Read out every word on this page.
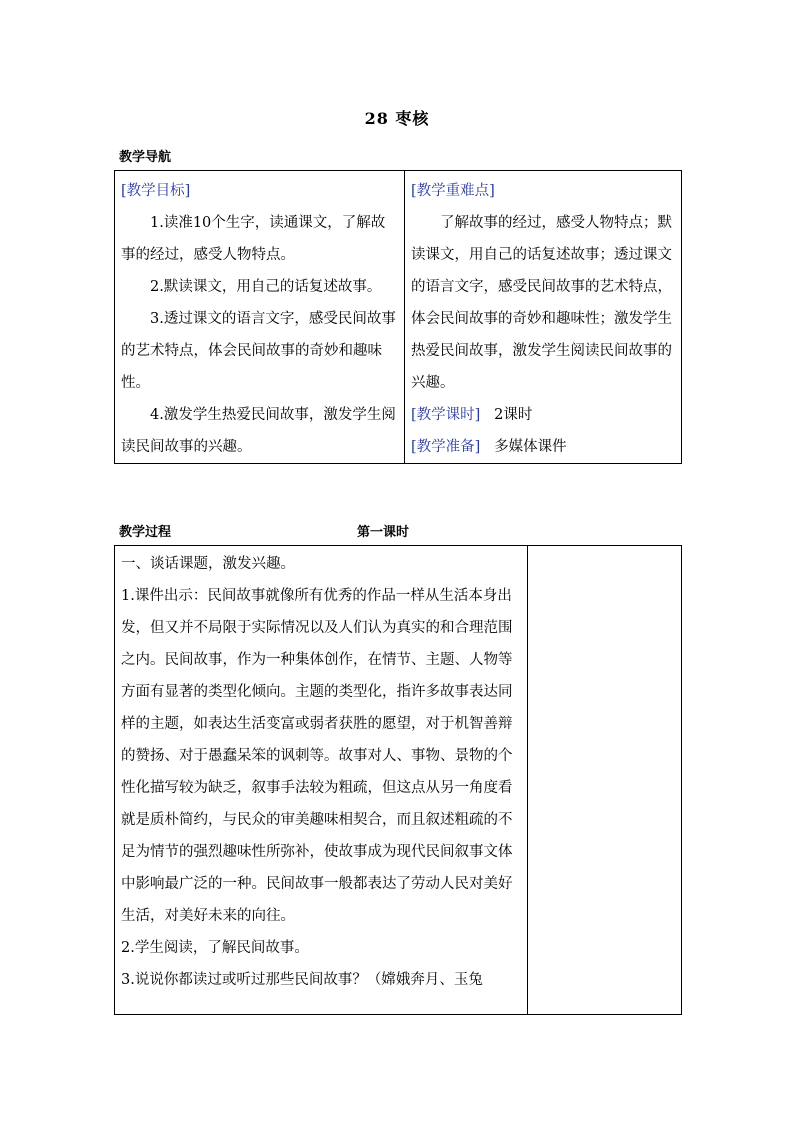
28 枣核
教学导航

[教学目标]

1.读准10个生字，读通课文，了解故事的经过，感受人物特点。

2.默读课文，用自己的话复述故事。

3.透过课文的语言文字，感受民间故事的艺术特点，体会民间故事的奇妙和趣味性。

4.激发学生热爱民间故事，激发学生阅读民间故事的兴趣。

[教学重难点]

了解故事的经过，感受人物特点；默读课文，用自己的话复述故事；透过课文的语言文字，感受民间故事的艺术特点，体会民间故事的奇妙和趣味性；激发学生热爱民间故事，激发学生阅读民间故事的兴趣。

[教学课时] 2课时

[教学准备] 多媒体课件

教学过程	第一课时

一、谈话课题，激发兴趣。

1.课件出示：民间故事就像所有优秀的作品一样从生活本身出发，但又并不局限于实际情况以及人们认为真实的和合理范围之内。民间故事，作为一种集体创作，在情节、主题、人物等方面有显著的类型化倾向。主题的类型化，指许多故事表达同样的主题，如表达生活变富或弱者获胜的愿望，对于机智善辩的赞扬、对于愚蠢呆笨的讽刺等。故事对人、事物、景物的个性化描写较为缺乏，叙事手法较为粗疏，但这点从另一角度看就是质朴简约，与民众的审美趣味相契合，而且叙述粗疏的不足为情节的强烈趣味性所弥补，使故事成为现代民间叙事文体中影响最广泛的一种。民间故事一般都表达了劳动人民对美好生活，对美好未来的向往。

2.学生阅读，了解民间故事。

3.说说你都读过或听过那些民间故事？（嫦娥奔月、玉兔
